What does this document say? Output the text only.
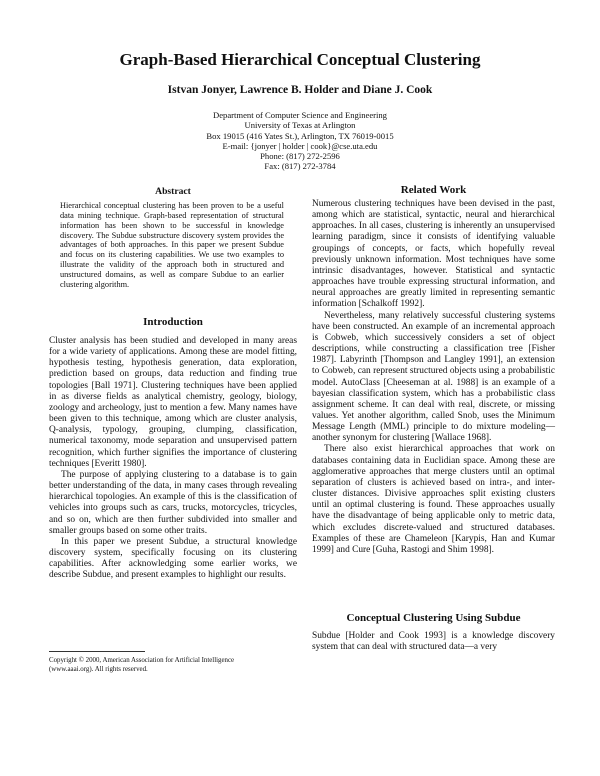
Graph-Based Hierarchical Conceptual Clustering
Istvan Jonyer, Lawrence B. Holder and Diane J. Cook
Department of Computer Science and Engineering
University of Texas at Arlington
Box 19015 (416 Yates St.), Arlington, TX 76019-0015
E-mail: {jonyer | holder | cook}@cse.uta.edu
Phone: (817) 272-2596
Fax: (817) 272-3784
Abstract

Hierarchical conceptual clustering has been proven to be a useful data mining technique. Graph-based representation of structural information has been shown to be successful in knowledge discovery. The Subdue substructure discovery system provides the advantages of both approaches. In this paper we present Subdue and focus on its clustering capabilities. We use two examples to illustrate the validity of the approach both in structured and unstructured domains, as well as compare Subdue to an earlier clustering algorithm.

Introduction

Cluster analysis has been studied and developed in many areas for a wide variety of applications. Among these are model fitting, hypothesis testing, hypothesis generation, data exploration, prediction based on groups, data reduction and finding true topologies [Ball 1971]. Clustering techniques have been applied in as diverse fields as analytical chemistry, geology, biology, zoology and archeology, just to mention a few. Many names have been given to this technique, among which are cluster analysis, Q-analysis, typology, grouping, clumping, classification, numerical taxonomy, mode separation and unsupervised pattern recognition, which further signifies the importance of clustering techniques [Everitt 1980].

The purpose of applying clustering to a database is to gain better understanding of the data, in many cases through revealing hierarchical topologies. An example of this is the classification of vehicles into groups such as cars, trucks, motorcycles, tricycles, and so on, which are then further subdivided into smaller and smaller groups based on some other traits.

In this paper we present Subdue, a structural knowledge discovery system, specifically focusing on its clustering capabilities. After acknowledging some earlier works, we describe Subdue, and present examples to highlight our results.

Copyright © 2000, American Association for Artificial Intelligence
(www.aaai.org). All rights reserved.
Related Work

Numerous clustering techniques have been devised in the past, among which are statistical, syntactic, neural and hierarchical approaches. In all cases, clustering is inherently an unsupervised learning paradigm, since it consists of identifying valuable groupings of concepts, or facts, which hopefully reveal previously unknown information. Most techniques have some intrinsic disadvantages, however. Statistical and syntactic approaches have trouble expressing structural information, and neural approaches are greatly limited in representing semantic information [Schalkoff 1992].

Nevertheless, many relatively successful clustering systems have been constructed. An example of an incremental approach is Cobweb, which successively considers a set of object descriptions, while constructing a classification tree [Fisher 1987]. Labyrinth [Thompson and Langley 1991], an extension to Cobweb, can represent structured objects using a probabilistic model. AutoClass [Cheeseman at al. 1988] is an example of a bayesian classification system, which has a probabilistic class assignment scheme. It can deal with real, discrete, or missing values. Yet another algorithm, called Snob, uses the Minimum Message Length (MML) principle to do mixture modeling—another synonym for clustering [Wallace 1968].

There also exist hierarchical approaches that work on databases containing data in Euclidian space. Among these are agglomerative approaches that merge clusters until an optimal separation of clusters is achieved based on intra-, and inter-cluster distances. Divisive approaches split existing clusters until an optimal clustering is found. These approaches usually have the disadvantage of being applicable only to metric data, which excludes discrete-valued and structured databases. Examples of these are Chameleon [Karypis, Han and Kumar 1999] and Cure [Guha, Rastogi and Shim 1998].

Conceptual Clustering Using Subdue

Subdue [Holder and Cook 1993] is a knowledge discovery system that can deal with structured data—a very
